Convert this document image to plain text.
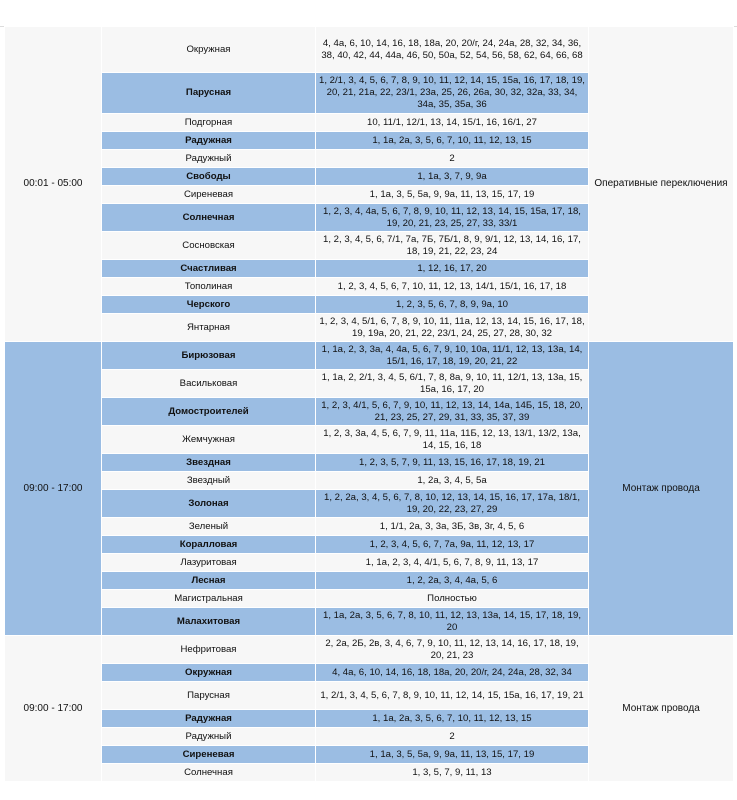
00:01 - 05:00	Окружная	4, 4а, 6, 10, 14, 16, 18, 18а, 20, 20/г, 24, 24а, 28, 32, 34, 36, 38, 40, 42, 44, 44а, 46, 50, 50а, 52, 54, 56, 58, 62, 64, 66, 68	Оперативные переключения
	Парусная	1, 2/1, 3, 4, 5, 6, 7, 8, 9, 10, 11, 12, 14, 15, 15а, 16, 17, 18, 19, 20, 21, 21а, 22, 23/1, 23а, 25, 26, 26а, 30, 32, 32а, 33, 34, 34а, 35, 35а, 36	
	Подгорная	10, 11/1, 12/1, 13, 14, 15/1, 16, 16/1, 27	
	Радужная	1, 1а, 2а, 3, 5, 6, 7, 10, 11, 12, 13, 15	
	Радужный	2	
	Свободы	1, 1а, 3, 7, 9, 9а	
	Сиреневая	1, 1а, 3, 5, 5а, 9, 9а, 11, 13, 15, 17, 19	
	Солнечная	1, 2, 3, 4, 4а, 5, 6, 7, 8, 9, 10, 11, 12, 13, 14, 15, 15а, 17, 18, 19, 20, 21, 23, 25, 27, 33, 33/1	
	Сосновская	1, 2, 3, 4, 5, 6, 7/1, 7а, 7Б, 7Б/1, 8, 9, 9/1, 12, 13, 14, 16, 17, 18, 19, 21, 22, 23, 24	
	Счастливая	1, 12, 16, 17, 20	
	Тополиная	1, 2, 3, 4, 5, 6, 7, 10, 11, 12, 13, 14/1, 15/1, 16, 17, 18	
	Черского	1, 2, 3, 5, 6, 7, 8, 9, 9а, 10	
	Янтарная	1, 2, 3, 4, 5/1, 6, 7, 8, 9, 10, 11, 11а, 12, 13, 14, 15, 16, 17, 18, 19, 19а, 20, 21, 22, 23/1, 24, 25, 27, 28, 30, 32	
09:00 - 17:00	Бирюзовая	1, 1а, 2, 3, 3а, 4, 4а, 5, 6, 7, 9, 10, 10а, 11/1, 12, 13, 13а, 14, 15/1, 16, 17, 18, 19, 20, 21, 22	Монтаж провода
	Васильковая	1, 1а, 2, 2/1, 3, 4, 5, 6/1, 7, 8, 8а, 9, 10, 11, 12/1, 13, 13а, 15, 15а, 16, 17, 20	
	Домостроителей	1, 2, 3, 4/1, 5, 6, 7, 9, 10, 11, 12, 13, 14, 14а, 14Б, 15, 18, 20, 21, 23, 25, 27, 29, 31, 33, 35, 37, 39	
	Жемчужная	1, 2, 3, 3а, 4, 5, 6, 7, 9, 11, 11а, 11Б, 12, 13, 13/1, 13/2, 13а, 14, 15, 16, 18	
	Звездная	1, 2, 3, 5, 7, 9, 11, 13, 15, 16, 17, 18, 19, 21	
	Звездный	1, 2а, 3, 4, 5, 5а	
	Золоная	1, 2, 2а, 3, 4, 5, 6, 7, 8, 10, 12, 13, 14, 15, 16, 17, 17а, 18/1, 19, 20, 22, 23, 27, 29	
	Зеленый	1, 1/1, 2а, 3, 3а, 3Б, 3в, 3г, 4, 5, 6	
	Коралловая	1, 2, 3, 4, 5, 6, 7, 7а, 9а, 11, 12, 13, 17	
	Лазуритовая	1, 1а, 2, 3, 4, 4/1, 5, 6, 7, 8, 9, 11, 13, 17	
	Лесная	1, 2, 2а, 3, 4, 4а, 5, 6	
	Магистральная	Полностью	
	Малахитовая	1, 1а, 2а, 3, 5, 6, 7, 8, 10, 11, 12, 13, 13а, 14, 15, 17, 18, 19, 20	
09:00 - 17:00	Нефритовая	2, 2а, 2Б, 2в, 3, 4, 6, 7, 9, 10, 11, 12, 13, 14, 16, 17, 18, 19, 20, 21, 23	Монтаж провода
	Окружная	4, 4а, 6, 10, 14, 16, 18, 18а, 20, 20/г, 24, 24а, 28, 32, 34	
	Парусная	1, 2/1, 3, 4, 5, 6, 7, 8, 9, 10, 11, 12, 14, 15, 15а, 16, 17, 19, 21	
	Радужная	1, 1а, 2а, 3, 5, 6, 7, 10, 11, 12, 13, 15	
	Радужный	2	
	Сиреневая	1, 1а, 3, 5, 5а, 9, 9а, 11, 13, 15, 17, 19	
	Солнечная	1, 3, 5, 7, 9, 11, 13	
